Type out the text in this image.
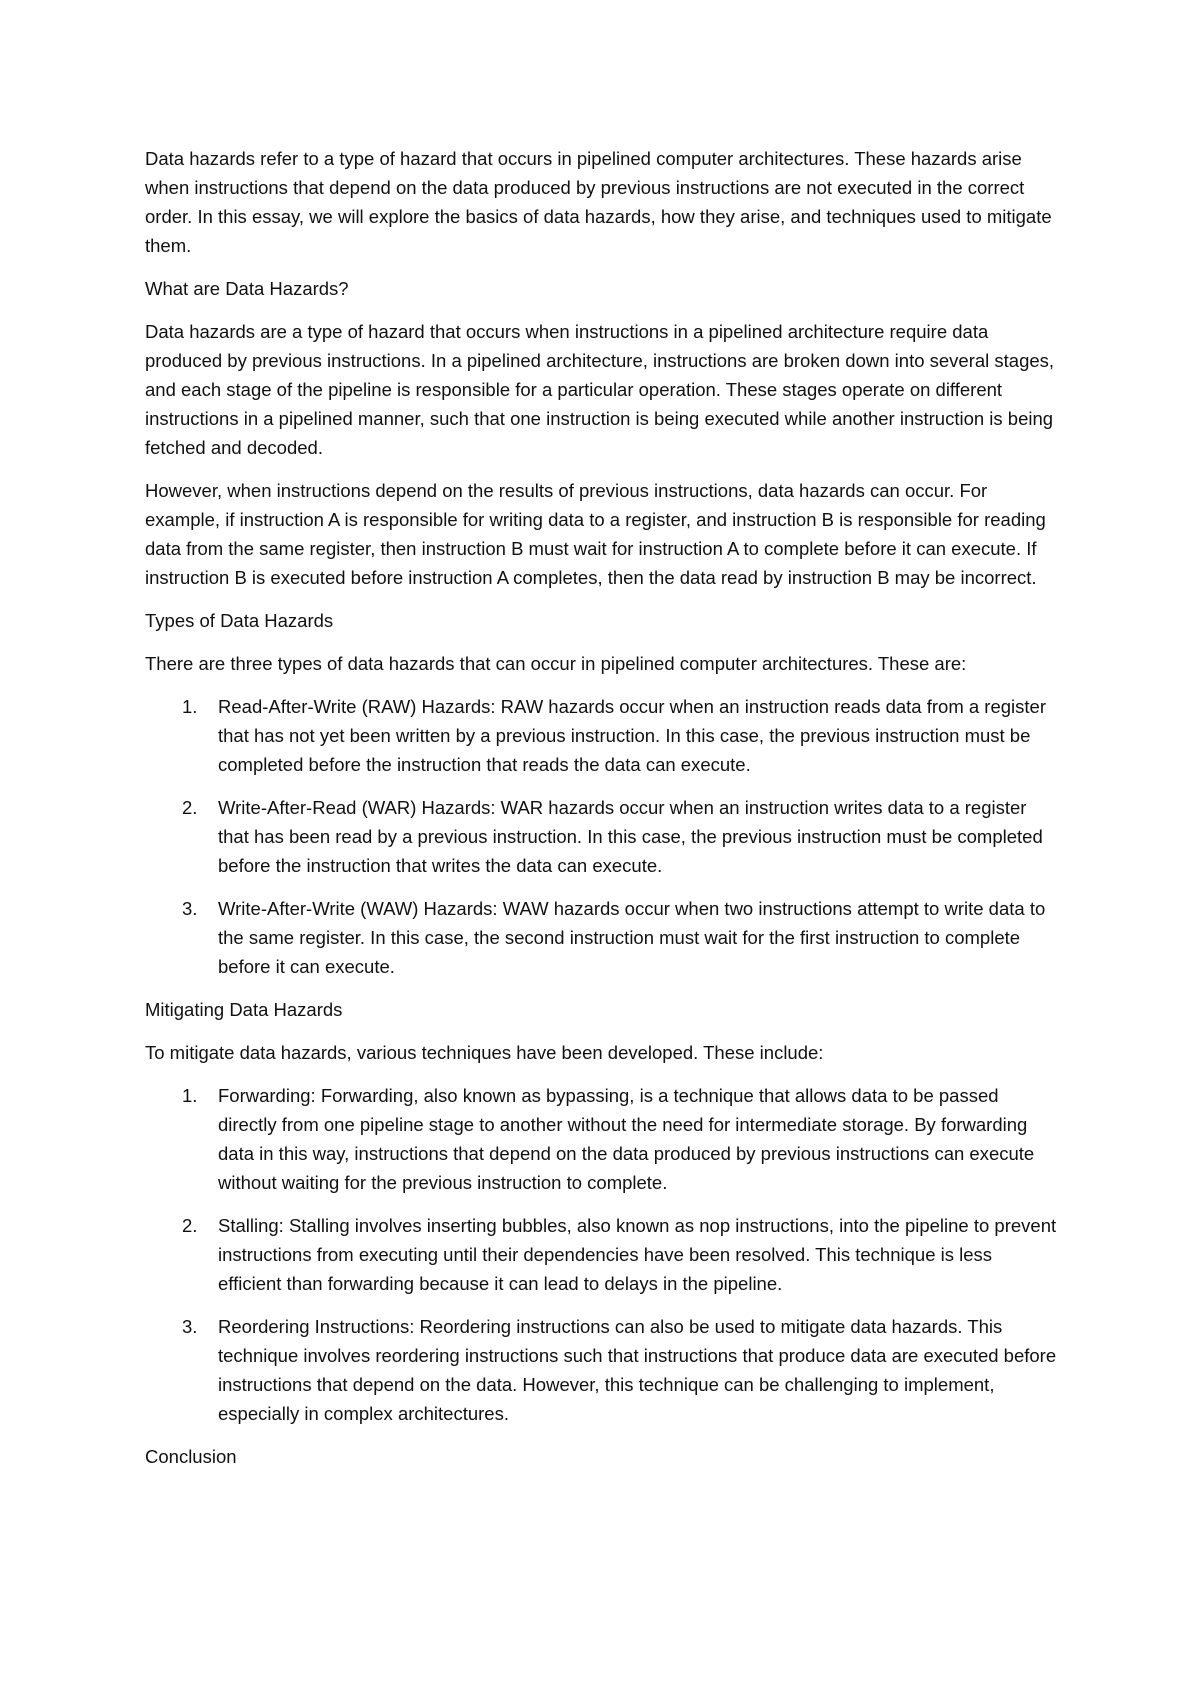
Data hazards refer to a type of hazard that occurs in pipelined computer architectures. These hazards arise when instructions that depend on the data produced by previous instructions are not executed in the correct order. In this essay, we will explore the basics of data hazards, how they arise, and techniques used to mitigate them.

What are Data Hazards?

Data hazards are a type of hazard that occurs when instructions in a pipelined architecture require data produced by previous instructions. In a pipelined architecture, instructions are broken down into several stages, and each stage of the pipeline is responsible for a particular operation. These stages operate on different instructions in a pipelined manner, such that one instruction is being executed while another instruction is being fetched and decoded.

However, when instructions depend on the results of previous instructions, data hazards can occur. For example, if instruction A is responsible for writing data to a register, and instruction B is responsible for reading data from the same register, then instruction B must wait for instruction A to complete before it can execute. If instruction B is executed before instruction A completes, then the data read by instruction B may be incorrect.

Types of Data Hazards

There are three types of data hazards that can occur in pipelined computer architectures. These are:

1. Read-After-Write (RAW) Hazards: RAW hazards occur when an instruction reads data from a register that has not yet been written by a previous instruction. In this case, the previous instruction must be completed before the instruction that reads the data can execute.
2. Write-After-Read (WAR) Hazards: WAR hazards occur when an instruction writes data to a register that has been read by a previous instruction. In this case, the previous instruction must be completed before the instruction that writes the data can execute.
3. Write-After-Write (WAW) Hazards: WAW hazards occur when two instructions attempt to write data to the same register. In this case, the second instruction must wait for the first instruction to complete before it can execute.

Mitigating Data Hazards

To mitigate data hazards, various techniques have been developed. These include:

1. Forwarding: Forwarding, also known as bypassing, is a technique that allows data to be passed directly from one pipeline stage to another without the need for intermediate storage. By forwarding data in this way, instructions that depend on the data produced by previous instructions can execute without waiting for the previous instruction to complete.
2. Stalling: Stalling involves inserting bubbles, also known as nop instructions, into the pipeline to prevent instructions from executing until their dependencies have been resolved. This technique is less efficient than forwarding because it can lead to delays in the pipeline.
3. Reordering Instructions: Reordering instructions can also be used to mitigate data hazards. This technique involves reordering instructions such that instructions that produce data are executed before instructions that depend on the data. However, this technique can be challenging to implement, especially in complex architectures.

Conclusion
